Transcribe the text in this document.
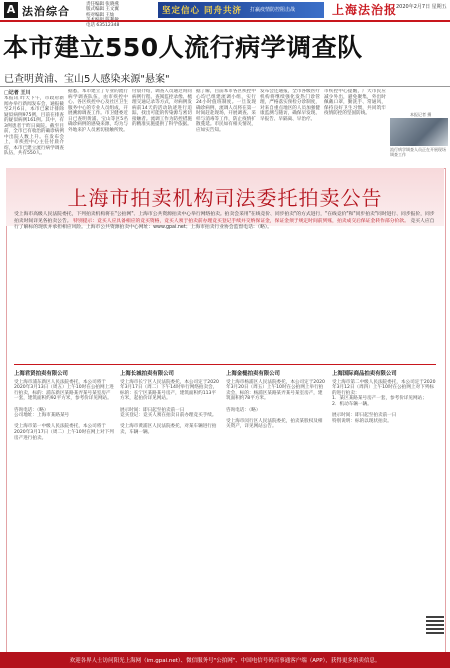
A 法治综合
责任编辑 张晓燕
版式编辑 王文翼
校对编辑 王灿

电话 63512348
坚定信心 同舟共济 打赢疫情防控阻击战	上海法治报
2020年2月7日 星期五
本市建立550人流行病学调查队
已查明黄浦、宝山5人感染来源"悬案"
□记者 王川
本报讯 昨天下午，市政府新闻办举行新闻发布会，通报截至2月6日，本市已累计排除疑似病例975例，目前在排查的疑似病例161例。其中，有3例患者于昨日离院。截至目前，全市已有收治的确诊病例中出院人数上升。在发布会上，市疾控中心主任付晨介绍，本市已建立流行病学调查队伍，共有550人。
据悉，本市建立了专业的流行病学调查队伍，由市疾控中心、各区疾控中心及社区卫生服务中心的专业人员组成，开展溯源调查工作。市卫健委近日已查明黄浦、宝山等区5名确诊病例的感染来源，均为与外地来沪人员密切接触所致。
付晨介绍，调查人员通过询问病例行程、查阅监控录像、梳理交通记录等方式，对病例发病前14天的活动轨迹进行追踪，找出可能的传染源与密切接触者。流调工作为防控措施的精准实施提供了科学依据。
据了解，目前本市各区疾控中心均已组建流调小组，实行24小时值班制度。一旦发现确诊病例，流调人员将在第一时间赶赴现场，开展调查、采样与消毒等工作，防止疫情扩散蔓延。市民如有相关情况，应如实告知。
发布会还通报，全市各级医疗机构将继续强化发热门诊管理，严格落实预检分诊制度，对来自重点地区的人员加强健康监测与随访，确保早发现、早报告、早隔离、早治疗。
市疾控中心提醒，广大市民应减少外出，避免聚集，外出时佩戴口罩，勤洗手、常通风，保持良好卫生习惯，共同筑牢疫情防控的坚固防线。	本报记者 摄
流行病学调查人员正在开展现场调查工作
上海市拍卖机构司法委托拍卖公告
受上海市高级人民法院委托，下列拍卖机构将在"公拍网"、上海市公共资源拍卖中心举行网络拍卖。拍卖会采用"在线竞价、同步拍卖"的方式进行，"在线竞价"和"同步拍卖"同时进行、同步报价，同步拍卖时间详见各拍卖公告。 特别提示：竞买人应具备相应的竞买资格，竞买人须于拍卖前办理竞买登记手续并交纳保证金，保证金须于规定时间前到账，拍卖成交后保证金转作部分价款。 竞买人应自行了解标的现状并承担相应风险。上海市公共资源拍卖中心网址：www.gpai.net；上海市拍卖行业协会监督电话：（略）。
上海君贤拍卖有限公司
受上海市浦东新区人民法院委托，本公司将于2020年3月13日（周五）上午10时在公拍网上进行拍卖，标的：浦东新区某路某弄某号某室房产一套，建筑面积约92平方米，参考价详见网站。

咨询电话：（略）
公司地址：上海市某路某号

受上海市第一中级人民法院委托，本公司将于2020年3月17日（周二）上午10时在网上对下列房产进行拍卖。
上海长城拍卖有限公司
受上海市长宁区人民法院委托，本公司定于2020年3月17日（周二）下午14时举行网络拍卖会，标的：长宁区某路某号房产，建筑面积约113平方米，起拍价详见网站。

展示时间：即日起至拍卖前一日
竞买登记：竞买人须在拍卖日前办理竞买手续。

受上海市黄浦区人民法院委托，对某车辆进行拍卖，车辆一辆。
上海金槌拍卖有限公司
受上海市杨浦区人民法院委托，本公司定于2020年3月20日（周五）上午10时在公拍网上举行拍卖会，标的：杨浦区某路某弄某号某室房产，建筑面积约78平方米。

咨询电话：（略）

受上海市闵行区人民法院委托，拍卖某股权及相关资产，详见网站公告。
上海国际商品拍卖有限公司
受上海市第二中级人民法院委托，本公司定于2020年3月12日（周四）上午10时在公拍网上对下列标的进行拍卖：
1．某区某路某号房产一套，参考价详见网站；
2．机动车辆一辆。

展示时间：即日起至拍卖前一日
特别说明：标的以现状拍卖。
欢迎各界人士访问阳光上海网（im.gpai.net）、微信服务号"公拍网"、中国电信号码百事通客户端（APP），获得更多拍卖信息。
